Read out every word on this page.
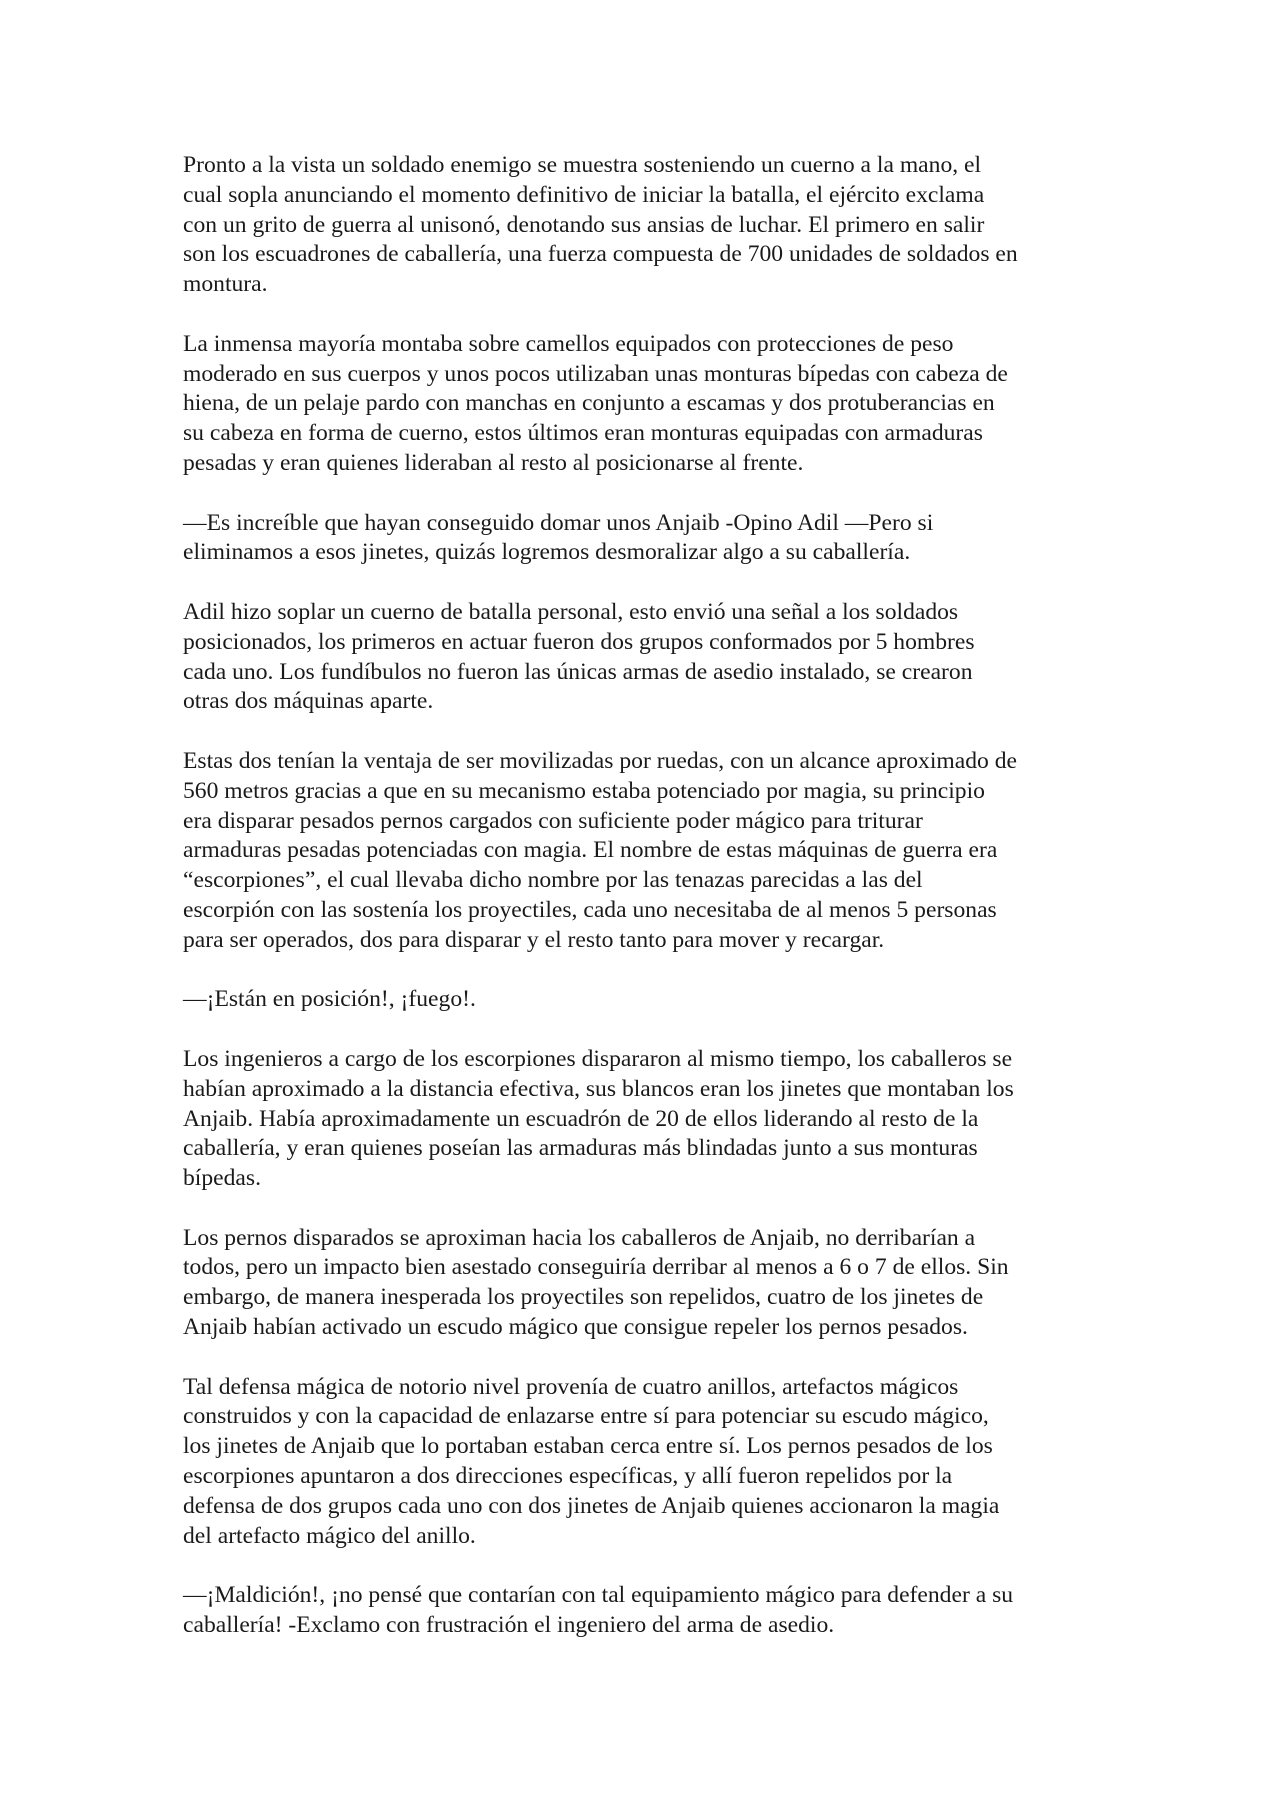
Pronto a la vista un soldado enemigo se muestra sosteniendo un cuerno a la mano, el
cual sopla anunciando el momento definitivo de iniciar la batalla, el ejército exclama
con un grito de guerra al unisonó, denotando sus ansias de luchar. El primero en salir
son los escuadrones de caballería, una fuerza compuesta de 700 unidades de soldados en
montura.

La inmensa mayoría montaba sobre camellos equipados con protecciones de peso
moderado en sus cuerpos y unos pocos utilizaban unas monturas bípedas con cabeza de
hiena, de un pelaje pardo con manchas en conjunto a escamas y dos protuberancias en
su cabeza en forma de cuerno, estos últimos eran monturas equipadas con armaduras
pesadas y eran quienes lideraban al resto al posicionarse al frente.

—Es increíble que hayan conseguido domar unos Anjaib -Opino Adil —Pero si
eliminamos a esos jinetes, quizás logremos desmoralizar algo a su caballería.

Adil hizo soplar un cuerno de batalla personal, esto envió una señal a los soldados
posicionados, los primeros en actuar fueron dos grupos conformados por 5 hombres
cada uno. Los fundíbulos no fueron las únicas armas de asedio instalado, se crearon
otras dos máquinas aparte.

Estas dos tenían la ventaja de ser movilizadas por ruedas, con un alcance aproximado de
560 metros gracias a que en su mecanismo estaba potenciado por magia, su principio
era disparar pesados pernos cargados con suficiente poder mágico para triturar
armaduras pesadas potenciadas con magia. El nombre de estas máquinas de guerra era
“escorpiones”, el cual llevaba dicho nombre por las tenazas parecidas a las del
escorpión con las sostenía los proyectiles, cada uno necesitaba de al menos 5 personas
para ser operados, dos para disparar y el resto tanto para mover y recargar.

—¡Están en posición!, ¡fuego!.

Los ingenieros a cargo de los escorpiones dispararon al mismo tiempo, los caballeros se
habían aproximado a la distancia efectiva, sus blancos eran los jinetes que montaban los
Anjaib. Había aproximadamente un escuadrón de 20 de ellos liderando al resto de la
caballería, y eran quienes poseían las armaduras más blindadas junto a sus monturas
bípedas.

Los pernos disparados se aproximan hacia los caballeros de Anjaib, no derribarían a
todos, pero un impacto bien asestado conseguiría derribar al menos a 6 o 7 de ellos. Sin
embargo, de manera inesperada los proyectiles son repelidos, cuatro de los jinetes de
Anjaib habían activado un escudo mágico que consigue repeler los pernos pesados.

Tal defensa mágica de notorio nivel provenía de cuatro anillos, artefactos mágicos
construidos y con la capacidad de enlazarse entre sí para potenciar su escudo mágico,
los jinetes de Anjaib que lo portaban estaban cerca entre sí. Los pernos pesados de los
escorpiones apuntaron a dos direcciones específicas, y allí fueron repelidos por la
defensa de dos grupos cada uno con dos jinetes de Anjaib quienes accionaron la magia
del artefacto mágico del anillo.

—¡Maldición!, ¡no pensé que contarían con tal equipamiento mágico para defender a su
caballería! -Exclamo con frustración el ingeniero del arma de asedio.
